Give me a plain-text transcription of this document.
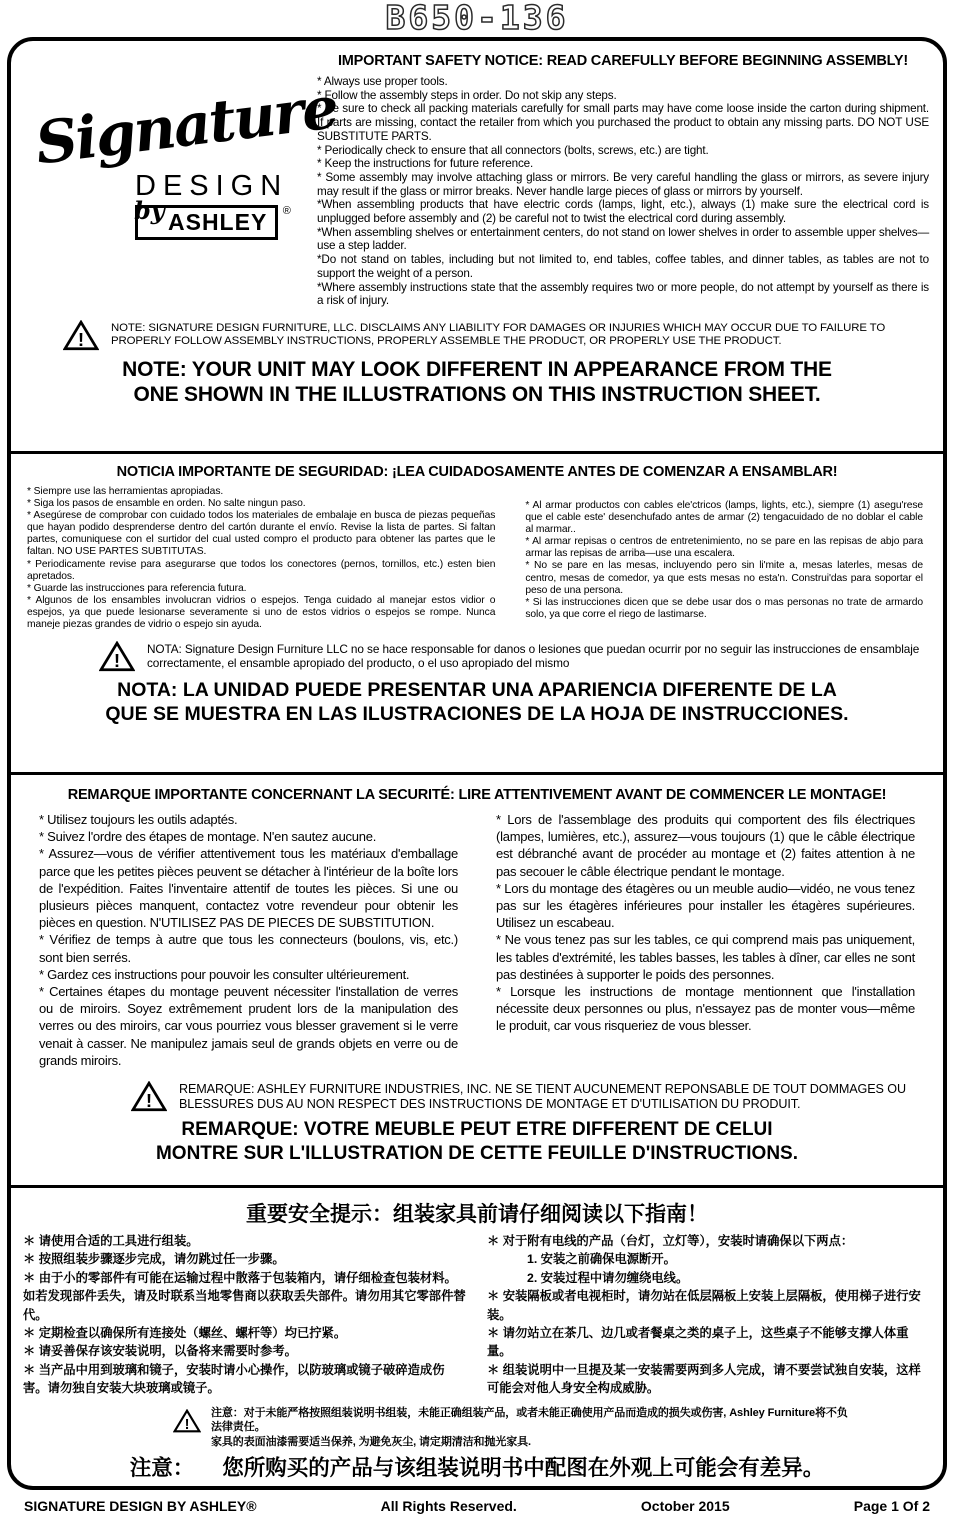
B650-136
Signature
DESIGN
by ASHLEY ®
IMPORTANT SAFETY NOTICE: READ CAREFULLY BEFORE BEGINNING ASSEMBLY!
* Always use proper tools.
* Follow the assembly steps in order. Do not skip any steps.
* Be sure to check all packing materials carefully for small parts may have come loose inside the carton during shipment. If parts are missing, contact the retailer from which you purchased the product to obtain any missing parts. DO NOT USE SUBSTITUTE PARTS.
* Periodically check to ensure that all connectors (bolts, screws, etc.) are tight.
* Keep the instructions for future reference.
* Some assembly may involve attaching glass or mirrors. Be very careful handling the glass or mirrors, as severe injury may result if the glass or mirror breaks. Never handle large pieces of glass or mirrors by yourself.
*When assembling products that have electric cords (lamps, light, etc.), always (1) make sure the electrical cord is unplugged before assembly and (2) be careful not to twist the electrical cord during assembly.
*When assembling shelves or entertainment centers, do not stand on lower shelves in order to assemble upper shelves—use a step ladder.
*Do not stand on tables, including but not limited to, end tables, coffee tables, and dinner tables, as tables are not to support the weight of a person.
*Where assembly instructions state that the assembly requires two or more people, do not attempt by yourself as there is a risk of injury.
!
NOTE: SIGNATURE DESIGN FURNITURE, LLC. DISCLAIMS ANY LIABILITY FOR DAMAGES OR INJURIES WHICH MAY OCCUR DUE TO FAILURE TO PROPERLY FOLLOW ASSEMBLY INSTRUCTIONS, PROPERLY ASSEMBLE THE PRODUCT, OR PROPERLY USE THE PRODUCT.
NOTE: YOUR UNIT MAY LOOK DIFFERENT IN APPEARANCE FROM THE
ONE SHOWN IN THE ILLUSTRATIONS ON THIS INSTRUCTION SHEET.
NOTICIA IMPORTANTE DE SEGURIDAD: ¡LEA CUIDADOSAMENTE ANTES DE COMENZAR A ENSAMBLAR!
* Siempre use las herramientas apropiadas.
* Siga los pasos de ensamble en orden. No salte ningun paso.
* Asegúrese de comprobar con cuidado todos los materiales de embalaje en busca de piezas pequeñas que hayan podido desprenderse dentro del cartón durante el envío. Revise la lista de partes. Si faltan partes, comuniquese con el surtidor del cual usted compro el producto para obtener las partes que le faltan. NO USE PARTES SUBTITUTAS.
* Periodicamente revise para asegurarse que todos los conectores (pernos, tornillos, etc.) esten bien apretados.
* Guarde las instrucciones para referencia futura.
* Algunos de los ensambles involucran vidrios o espejos. Tenga cuidado al manejar estos vidior o espejos, ya que puede lesionarse severamente si uno de estos vidrios o espejos se rompe. Nunca maneje piezas grandes de vidrio o espejo sin ayuda.
* Al armar productos con cables ele'ctricos (lamps, lights, etc.), siempre (1) asegu'rese que el cable este' desenchufado antes de armar (2) tengacuidado de no doblar el cable al marmar..
* Al armar repisas o centros de entretenimiento, no se pare en las repisas de abjo para armar las repisas de arriba—use una escalera.
* No se pare en las mesas, incluyendo pero sin li'mite a, mesas laterles, mesas de centro, mesas de comedor, ya que ests mesas no esta'n. Construi'das para soportar el peso de una persona.
* Si las instrucciones dicen que se debe usar dos o mas personas no trate de armardo solo, ya que corre el riego de lastimarse.
!
NOTA: Signature Design Furniture LLC no se hace responsable for danos o lesiones que puedan ocurrir por no seguir las instrucciones de ensamblaje correctamente, el ensamble apropiado del producto, o el uso apropiado del mismo
NOTA: LA UNIDAD PUEDE PRESENTAR UNA APARIENCIA DIFERENTE DE LA
QUE SE MUESTRA EN LAS ILUSTRACIONES DE LA HOJA DE INSTRUCCIONES.
REMARQUE IMPORTANTE CONCERNANT LA SECURITÉ: LIRE ATTENTIVEMENT AVANT DE COMMENCER LE MONTAGE!
* Utilisez toujours les outils adaptés.
* Suivez l'ordre des étapes de montage. N'en sautez aucune.
* Assurez—vous de vérifier attentivement tous les matériaux d'emballage parce que les petites pièces peuvent se détacher à l'intérieur de la boîte lors de l'expédition. Faites l'inventaire attentif de toutes les pièces. Si une ou plusieurs pièces manquent, contactez votre revendeur pour obtenir les pièces en question. N'UTILISEZ PAS DE PIECES DE SUBSTITUTION.
* Vérifiez de temps à autre que tous les connecteurs (boulons, vis, etc.) sont bien serrés.
* Gardez ces instructions pour pouvoir les consulter ultérieurement.
* Certaines étapes du montage peuvent nécessiter l'installation de verres ou de miroirs. Soyez extrêmement prudent lors de la manipulation des verres ou des miroirs, car vous pourriez vous blesser gravement si le verre venait à casser. Ne manipulez jamais seul de grands objets en verre ou de grands miroirs.
* Lors de l'assemblage des produits qui comportent des fils électriques (lampes, lumières, etc.), assurez—vous toujours (1) que le câble électrique est débranché avant de procéder au montage et (2) faites attention à ne pas secouer le câble électrique pendant le montage.
* Lors du montage des étagères ou un meuble audio—vidéo, ne vous tenez pas sur les étagères inférieures pour installer les étagères supérieures. Utilisez un escabeau.
* Ne vous tenez pas sur les tables, ce qui comprend mais pas uniquement, les tables d'extrémité, les tables basses, les tables à dîner, car elles ne sont pas destinées à supporter le poids des personnes.
* Lorsque les instructions de montage mentionnent que l'installation nécessite deux personnes ou plus, n'essayez pas de monter vous—même le produit, car vous risqueriez de vous blesser.
!
REMARQUE: ASHLEY FURNITURE INDUSTRIES, INC. NE SE TIENT AUCUNEMENT REPONSABLE DE TOUT DOMMAGES OU BLESSURES DUS AU NON RESPECT DES INSTRUCTIONS DE MONTAGE ET D'UTILISATION DU PRODUIT.
REMARQUE: VOTRE MEUBLE PEUT ETRE DIFFERENT DE CELUI
MONTRE SUR L'ILLUSTRATION DE CETTE FEUILLE D'INSTRUCTIONS.
重要安全提示：组装家具前请仔细阅读以下指南！
＊ 请使用合适的工具进行组装。
＊ 按照组装步骤逐步完成，请勿跳过任一步骤。
＊ 由于小的零部件有可能在运输过程中散落于包装箱内，请仔细检查包装材料。如若发现部件丢失，请及时联系当地零售商以获取丢失部件。请勿用其它零部件替代。
＊ 定期检查以确保所有连接处（螺丝、螺杆等）均已拧紧。
＊ 请妥善保存该安装说明，以备将来需要时参考。
＊ 当产品中用到玻璃和镜子，安装时请小心操作，以防玻璃或镜子破碎造成伤害。请勿独自安装大块玻璃或镜子。
＊ 对于附有电线的产品（台灯，立灯等），安装时请确保以下两点：
1. 安装之前确保电源断开。
2. 安装过程中请勿缠绕电线。
＊ 安装隔板或者电视柜时，请勿站在低层隔板上安装上层隔板，使用梯子进行安装。
＊ 请勿站立在茶几、边几或者餐桌之类的桌子上，这些桌子不能够支撑人体重量。
＊ 组装说明中一旦提及某一安装需要两到多人完成，请不要尝试独自安装，这样可能会对他人身安全构成威胁。
!
注意：对于未能严格按照组装说明书组装，未能正确组装产品，或者未能正确使用产品而造成的损失或伤害, Ashley Furniture将不负法律责任。
家具的表面油漆需要适当保养, 为避免灰尘, 请定期清洁和抛光家具.
注意： 您所购买的产品与该组装说明书中配图在外观上可能会有差异。
SIGNATURE DESIGN BY ASHLEY®	All Rights Reserved.	October 2015	Page 1 Of 2
